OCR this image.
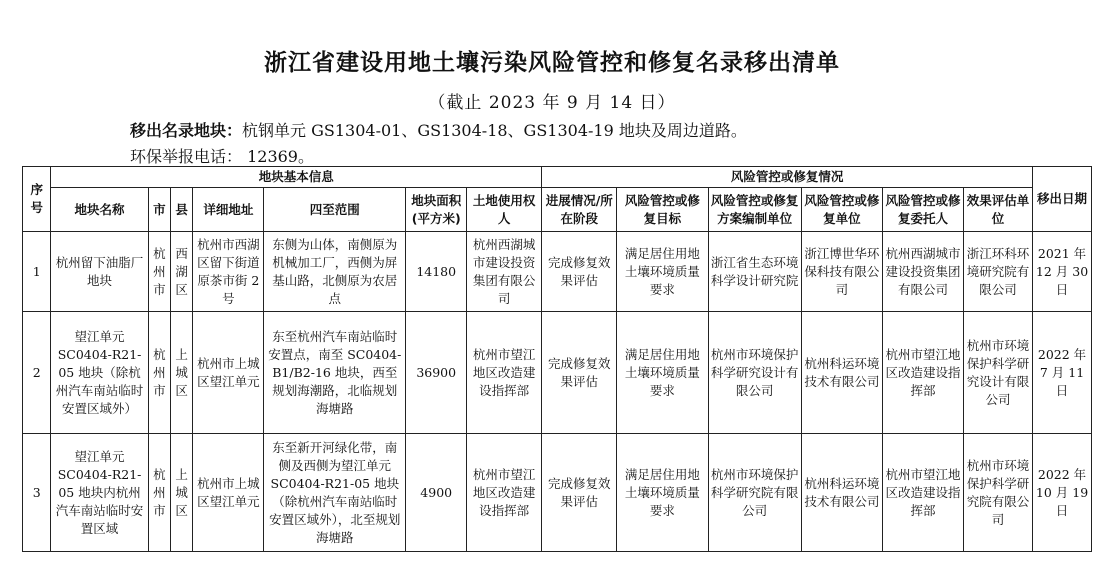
浙江省建设用地土壤污染风险管控和修复名录移出清单
（截止 2023 年 9 月 14 日）
移出名录地块：杭钢单元 GS1304-01、GS1304-18、GS1304-19 地块及周边道路。
环保举报电话： 12369。
序号	地块基本信息							风险管控或修复情况						移出日期
	地块名称	市	县	详细地址	四至范围	地块面积(平方米)	土地使用权人	进展情况/所在阶段	风险管控或修复目标	风险管控或修复方案编制单位	风险管控或修复单位	风险管控或修复委托人	效果评估单位	
1	杭州留下油脂厂地块	杭州市	西湖区	杭州市西湖区留下街道原茶市街 2 号	东侧为山体，南侧原为机械加工厂，西侧为屏基山路，北侧原为农居点	14180	杭州西湖城市建设投资集团有限公司	完成修复效果评估	满足居住用地土壤环境质量要求	浙江省生态环境科学设计研究院	浙江博世华环保科技有限公司	杭州西湖城市建设投资集团有限公司	浙江环科环境研究院有限公司	2021 年 12 月 30 日
2	望江单元 SC0404-R21-05 地块（除杭州汽车南站临时安置区域外）	杭州市	上城区	杭州市上城区望江单元	东至杭州汽车南站临时安置点，南至 SC0404-B1/B2-16 地块，西至规划海潮路，北临规划海塘路	36900	杭州市望江地区改造建设指挥部	完成修复效果评估	满足居住用地土壤环境质量要求	杭州市环境保护科学研究设计有限公司	杭州科运环境技术有限公司	杭州市望江地区改造建设指挥部	杭州市环境保护科学研究设计有限公司	2022 年 7 月 11 日
3	望江单元 SC0404-R21-05 地块内杭州汽车南站临时安置区域	杭州市	上城区	杭州市上城区望江单元	东至新开河绿化带，南侧及西侧为望江单元 SC0404-R21-05 地块（除杭州汽车南站临时安置区域外），北至规划海塘路	4900	杭州市望江地区改造建设指挥部	完成修复效果评估	满足居住用地土壤环境质量要求	杭州市环境保护科学研究院有限公司	杭州科运环境技术有限公司	杭州市望江地区改造建设指挥部	杭州市环境保护科学研究院有限公司	2022 年 10 月 19 日
